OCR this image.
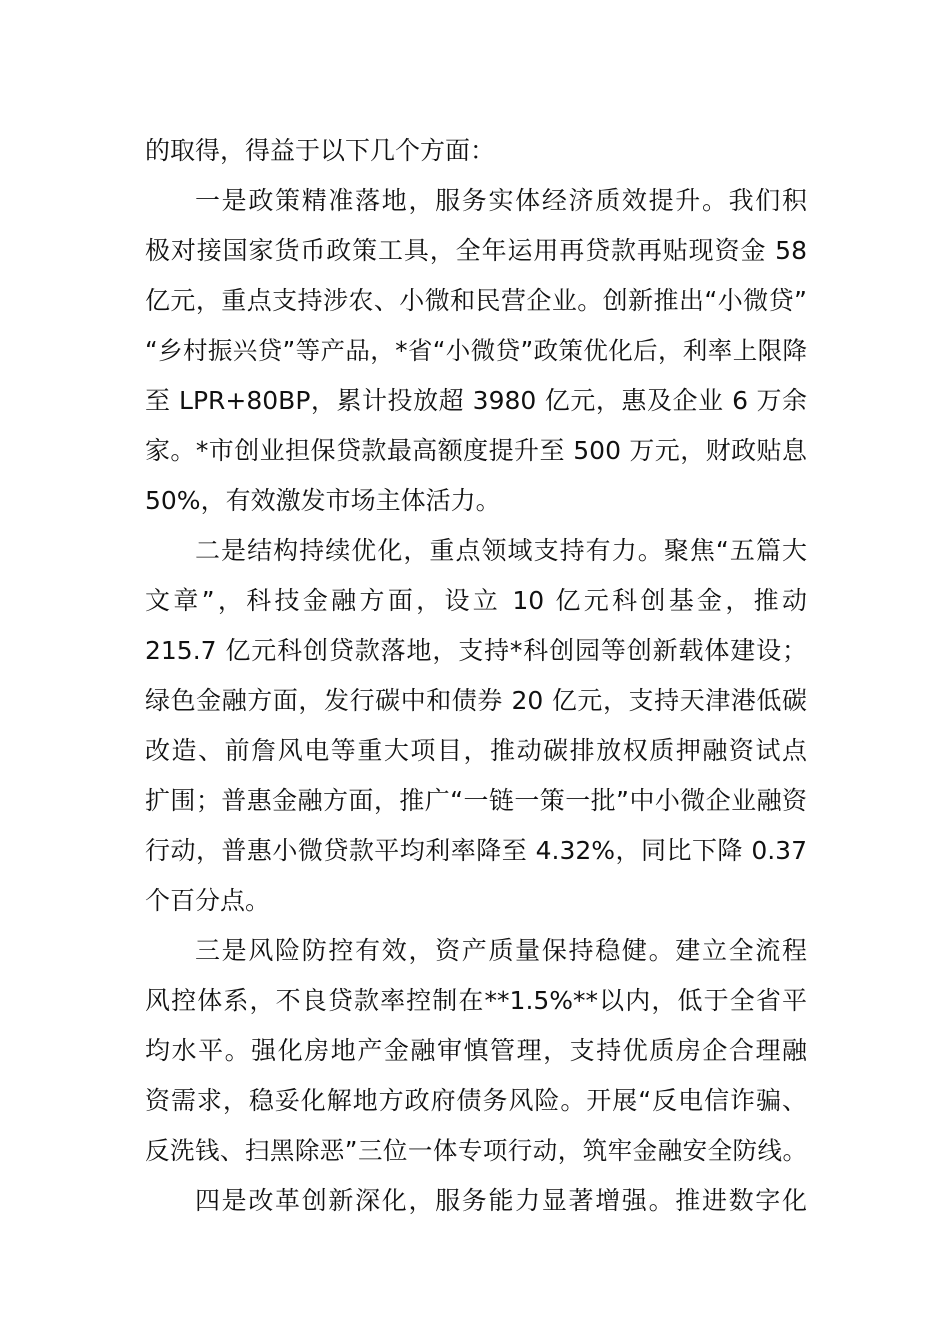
的取得，得益于以下几个方面：
一是政策精准落地，服务实体经济质效提升。我们积
极对接国家货币政策工具，全年运用再贷款再贴现资金 58
亿元，重点支持涉农、小微和民营企业。创新推出“小微贷”
“乡村振兴贷”等产品，*省“小微贷”政策优化后，利率上限降
至 LPR+80BP，累计投放超 3980 亿元，惠及企业 6 万余
家。*市创业担保贷款最高额度提升至 500 万元，财政贴息
50%，有效激发市场主体活力。
二是结构持续优化，重点领域支持有力。聚焦“五篇大
文章”，科技金融方面，设立 10 亿元科创基金，推动
215.7 亿元科创贷款落地，支持*科创园等创新载体建设；
绿色金融方面，发行碳中和债券 20 亿元，支持天津港低碳
改造、前詹风电等重大项目，推动碳排放权质押融资试点
扩围；普惠金融方面，推广“一链一策一批”中小微企业融资
行动，普惠小微贷款平均利率降至 4.32%，同比下降 0.37
个百分点。
三是风险防控有效，资产质量保持稳健。建立全流程
风控体系，不良贷款率控制在**1.5%**以内，低于全省平
均水平。强化房地产金融审慎管理，支持优质房企合理融
资需求，稳妥化解地方政府债务风险。开展“反电信诈骗、
反洗钱、扫黑除恶”三位一体专项行动，筑牢金融安全防线。
四是改革创新深化，服务能力显著增强。推进数字化
